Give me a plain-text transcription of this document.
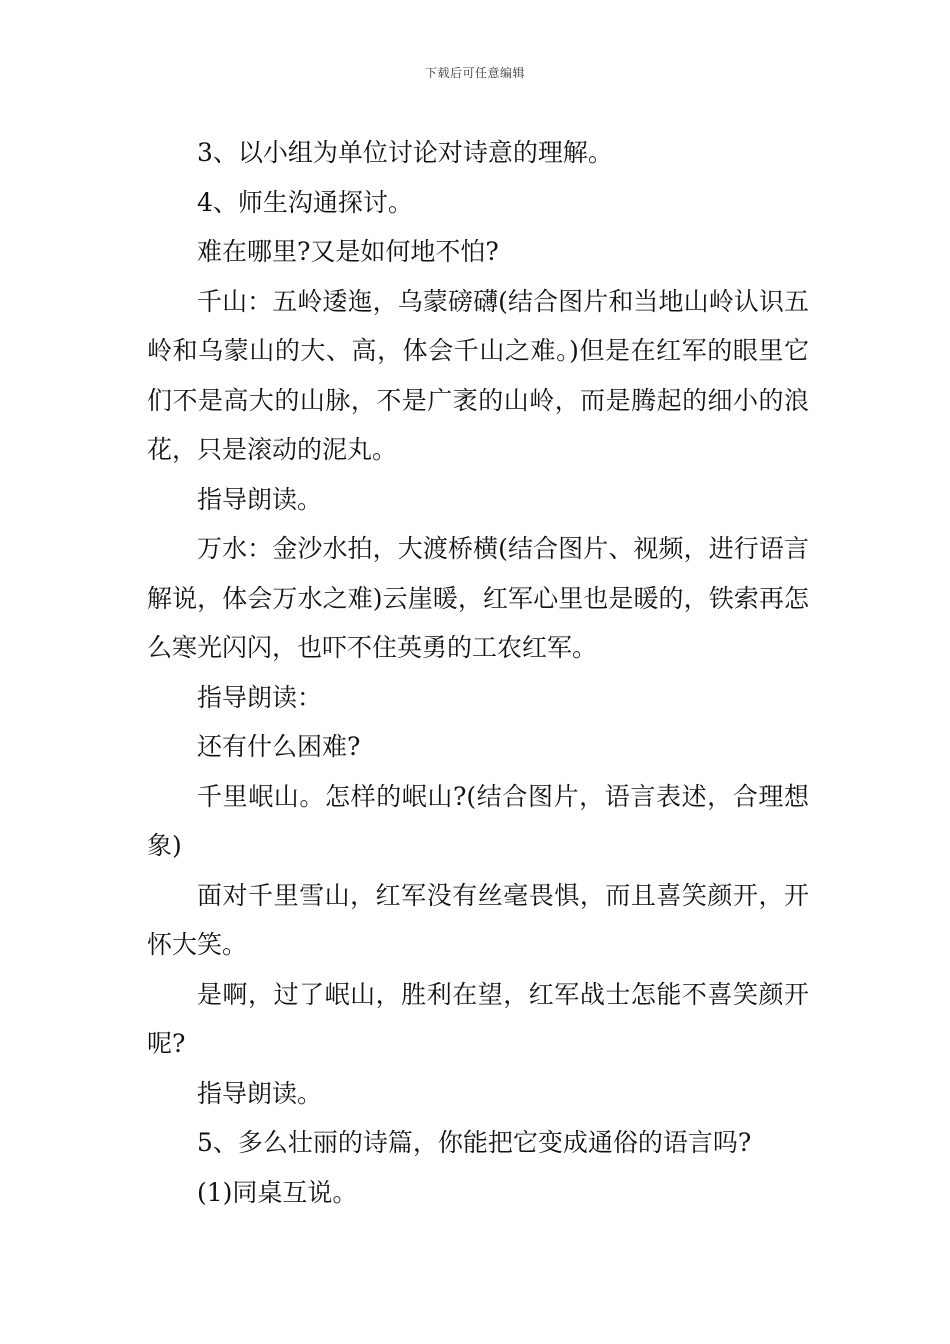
下载后可任意编辑

3、以小组为单位讨论对诗意的理解。

4、师生沟通探讨。

难在哪里?又是如何地不怕?

千山：五岭逶迤，乌蒙磅礴(结合图片和当地山岭认识五岭和乌蒙山的大、高，体会千山之难。)但是在红军的眼里它们不是高大的山脉，不是广袤的山岭，而是腾起的细小的浪花，只是滚动的泥丸。

指导朗读。

万水：金沙水拍，大渡桥横(结合图片、视频，进行语言解说，体会万水之难)云崖暖，红军心里也是暖的，铁索再怎么寒光闪闪，也吓不住英勇的工农红军。

指导朗读：

还有什么困难?

千里岷山。怎样的岷山?(结合图片，语言表述，合理想象)

面对千里雪山，红军没有丝毫畏惧，而且喜笑颜开，开怀大笑。

是啊，过了岷山，胜利在望，红军战士怎能不喜笑颜开呢?

指导朗读。

5、多么壮丽的诗篇，你能把它变成通俗的语言吗?

(1)同桌互说。
